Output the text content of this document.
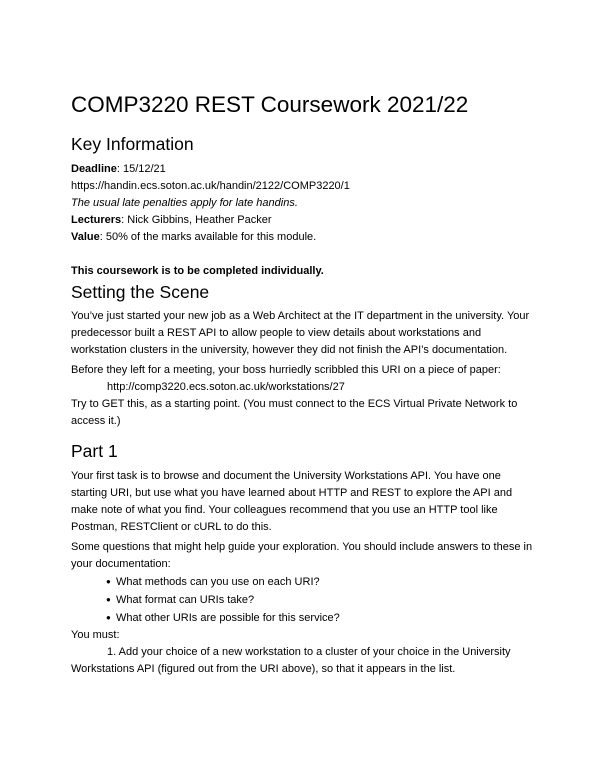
COMP3220 REST Coursework 2021/22
Key Information
Deadline: 15/12/21
https://handin.ecs.soton.ac.uk/handin/2122/COMP3220/1
The usual late penalties apply for late handins.
Lecturers: Nick Gibbins, Heather Packer
Value: 50% of the marks available for this module.

This coursework is to be completed individually.
Setting the Scene
You’ve just started your new job as a Web Architect at the IT department in the university. Your
predecessor built a REST API to allow people to view details about workstations and
workstation clusters in the university, however they did not finish the API’s documentation.
Before they left for a meeting, your boss hurriedly scribbled this URI on a piece of paper:
http://comp3220.ecs.soton.ac.uk/workstations/27
Try to GET this, as a starting point. (You must connect to the ECS Virtual Private Network to
access it.)
Part 1
Your first task is to browse and document the University Workstations API. You have one
starting URI, but use what you have learned about HTTP and REST to explore the API and
make note of what you find. Your colleagues recommend that you use an HTTP tool like
Postman, RESTClient or cURL to do this.
Some questions that might help guide your exploration. You should include answers to these in
your documentation:
● What methods can you use on each URI?
● What format can URIs take?
● What other URIs are possible for this service?
You must:
1. Add your choice of a new workstation to a cluster of your choice in the University
Workstations API (figured out from the URI above), so that it appears in the list.
